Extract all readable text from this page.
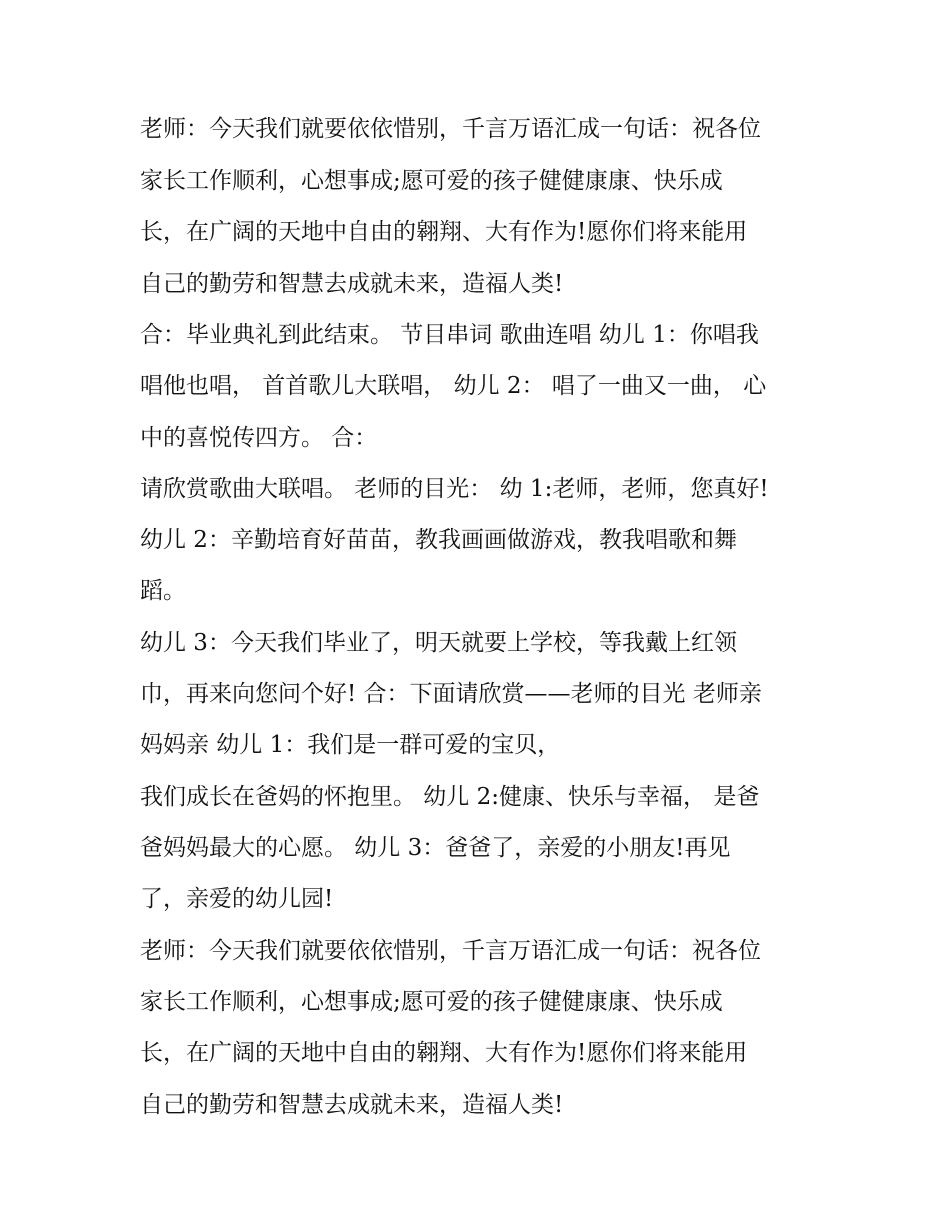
老师：今天我们就要依依惜别，千言万语汇成一句话：祝各位
家长工作顺利，心想事成;愿可爱的孩子健健康康、快乐成
长，在广阔的天地中自由的翱翔、大有作为!愿你们将来能用
自己的勤劳和智慧去成就未来，造福人类!
合：毕业典礼到此结束。 节目串词 歌曲连唱 幼儿 1：你唱我
唱他也唱， 首首歌儿大联唱， 幼儿 2： 唱了一曲又一曲， 心
中的喜悦传四方。 合：
请欣赏歌曲大联唱。 老师的目光： 幼 1:老师，老师，您真好!
幼儿 2：辛勤培育好苗苗，教我画画做游戏，教我唱歌和舞
蹈。
幼儿 3：今天我们毕业了，明天就要上学校，等我戴上红领
巾，再来向您问个好! 合：下面请欣赏——老师的目光 老师亲
妈妈亲 幼儿 1：我们是一群可爱的宝贝，
我们成长在爸妈的怀抱里。 幼儿 2:健康、快乐与幸福， 是爸
爸妈妈最大的心愿。 幼儿 3：爸爸了，亲爱的小朋友!再见
了，亲爱的幼儿园!
老师：今天我们就要依依惜别，千言万语汇成一句话：祝各位
家长工作顺利，心想事成;愿可爱的孩子健健康康、快乐成
长，在广阔的天地中自由的翱翔、大有作为!愿你们将来能用
自己的勤劳和智慧去成就未来，造福人类!
